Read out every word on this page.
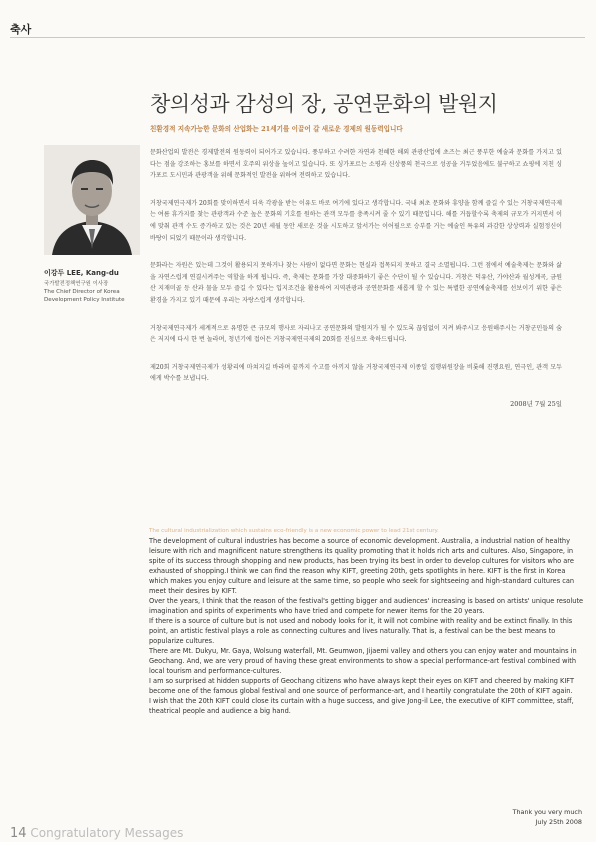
축사
창의성과 감성의 장, 공연문화의 발원지
이강두 LEE, Kang-du
국가발전정책연구원 이사장
The Chief Director of Korea Development Policy Institute
친환경적 지속가능한 문화의 산업화는 21세기를 이끌어 갈 새로운 경제의 원동력입니다

문화산업의 발전은 경제발전의 원동력이 되어가고 있습니다. 풍부하고 수려한 자연과 천혜한 해외 관광산업에 초즈는 최근 풍부한 예술과 문화를 가지고 있다는 점을 강조하는 홍보를 하면서 호주의 위상을 높이고 있습니다. 또 싱가포르는 소평과 신상품의 천국으로 성공을 거두었음에도 불구하고 쇼핑에 지친 싱가포르 도시민과 관광객을 위해 문화적인 발전을 위하여 전력하고 있습니다.

거창국제연극제가 20회를 맞이하면서 더욱 각광을 받는 이유도 바로 여기에 있다고 생각합니다. 국내 최초 문화와 휴양을 함께 즐길 수 있는 거창국제연극제는 여름 휴가지를 찾는 관광객과 수준 높은 문화의 기호를 원하는 관객 모두를 충족시켜 줄 수 있기 때문입니다. 해를 거듭할수록 축제의 규모가 커지면서 이에 맞춰 관객 수도 증가하고 있는 것은 20년 세월 동안 새로운 것을 시도하고 앞서가는 이어필으로 승부를 거는 예술인 특유의 과감한 상상력과 실험정신이 바탕이 되었기 때문이라 생각합니다.

문화라는 자원은 있는데 그것이 활용되지 못하거나 찾는 사람이 없다면 문화는 현실과 접목되지 못하고 결국 소멸됩니다. 그런 점에서 예술축제는 문화와 삶을 자연스럽게 연결시켜주는 역할을 하게 됩니다. 즉, 축제는 문화를 가장 대중화하기 좋은 수단이 될 수 있습니다. 거창은 덕유산, 가야산과 월성계곡, 금원산 지재미골 등 산과 물을 모두 즐길 수 있다는 입지조건을 활용하여 지역관광과 공연문화를 새롭게 할 수 있는 특별한 공연예술축제를 선보이기 위한 좋은 환경을 가지고 있기 때문에 우리는 자랑스럽게 생각합니다.

거창국제연극제가 세계적으로 유명한 큰 규모의 행사로 자리나고 공연문화의 발원지가 될 수 있도록 끊임없이 지켜 봐주시고 응원해주시는 거창군민들의 숨은 저지에 다시 한 번 놀라며, 청년기에 접어든 거창국제연극제의 20회를 진심으로 축하드립니다.

제20회 거창국제연극제가 성황리에 마쳐지길 바라며 끝까지 수고를 아끼지 않을 거창국제연극제 이종일 집행위원장을 비롯해 진행요원, 연극인, 관객 모두에게 박수를 보냅니다.

2008년 7월 25일
The cultural industrialization which sustains eco-friendly is a new economic power to lead 21st century.

The development of cultural industries has become a source of economic development. Australia, a industrial nation of healthy leisure with rich and magnificent nature strengthens its quality promoting that it holds rich arts and cultures. Also, Singapore, in spite of its success through shopping and new products, has been trying its best in order to develop cultures for visitors who are exhausted of shopping.I think we can find the reason why KIFT, greeting 20th, gets spotlights in here. KIFT is the first in Korea which makes you enjoy culture and leisure at the same time, so people who seek for sightseeing and high-standard cultures can meet their desires by KIFT.

Over the years, I think that the reason of the festival's getting bigger and audiences' increasing is based on artists' unique resolute imagination and spirits of experiments who have tried and compete for newer items for the 20 years.

If there is a source of culture but is not used and nobody looks for it, it will not combine with reality and be extinct finally. In this point, an artistic festival plays a role as connecting cultures and lives naturally. That is, a festival can be the best means to popularize cultures.

There are Mt. Dukyu, Mr. Gaya, Wolsung waterfall, Mt. Geumwon, Jijaemi valley and others you can enjoy water and mountains in Geochang. And, we are very proud of having these great environments to show a special performance-art festival combined with local tourism and performance-cultures.

I am so surprised at hidden supports of Geochang citizens who have always kept their eyes on KIFT and cheered by making KIFT become one of the famous global festival and one source of performance-art, and I heartily congratulate the 20th of KIFT again.

I wish that the 20th KIFT could close its curtain with a huge success, and give Jong-il Lee, the executive of KIFT committee, staff, theatrical people and audience a big hand.

Thank you very much
July 25th 2008
14 Congratulatory Messages
